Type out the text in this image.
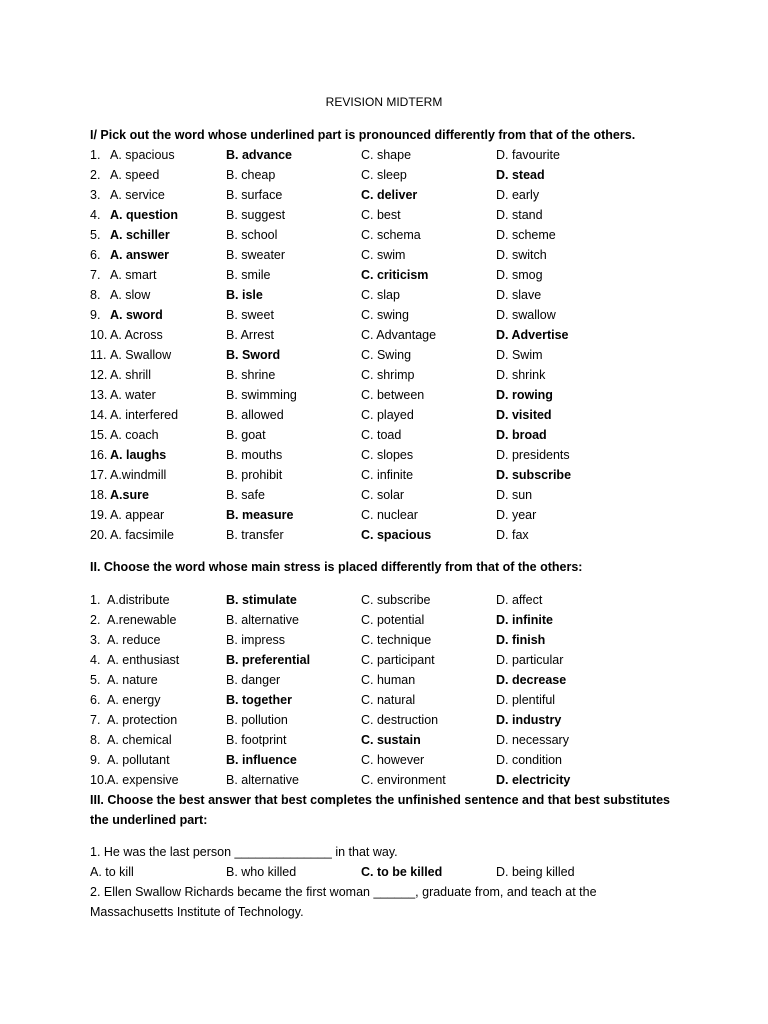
REVISION MIDTERM
I/ Pick out the word whose underlined part is pronounced differently from that of the others.
1. A. spacious	B. advance	C. shape	D. favourite
2. A. speed	B. cheap	C. sleep	D. stead
3. A. service	B. surface	C. deliver	D. early
4. A. question	B. suggest	C. best	D. stand
5. A. schiller	B. school	C. schema	D. scheme
6. A. answer	B. sweater	C. swim	D. switch
7. A. smart	B. smile	C. criticism	D. smog
8. A. slow	B. isle	C. slap	D. slave
9. A. sword	B. sweet	C. swing	D. swallow
10. A. Across	B. Arrest	C. Advantage	D. Advertise
11. A. Swallow	B. Sword	C. Swing	D. Swim
12. A. shrill	B. shrine	C. shrimp	D. shrink
13. A. water	B. swimming	C. between	D. rowing
14. A. interfered	B. allowed	C. played	D. visited
15. A. coach	B. goat	C. toad	D. broad
16. A. laughs	B. mouths	C. slopes	D. presidents
17. A.windmill	B. prohibit	C. infinite	D. subscribe
18. A.sure	B. safe	C. solar	D. sun
19. A. appear	B. measure	C. nuclear	D. year
20. A. facsimile	B. transfer	C. spacious	D. fax
II. Choose the word whose main stress is placed differently from that of the others:
1. A.distribute	B. stimulate	C. subscribe	D. affect
2. A.renewable	B. alternative	C. potential	D. infinite
3. A. reduce	B. impress	C. technique	D. finish
4. A. enthusiast	B. preferential	C. participant	D. particular
5. A. nature	B. danger	C. human	D. decrease
6. A. energy	B. together	C. natural	D. plentiful
7. A. protection	B. pollution	C. destruction	D. industry
8. A. chemical	B. footprint	C. sustain	D. necessary
9. A. pollutant	B. influence	C. however	D. condition
10. A. expensive	B. alternative	C. environment	D. electricity
III. Choose the best answer that best completes the unfinished sentence and that best substitutes the underlined part:
1. He was the last person ______________ in that way.
A. to kill	B. who killed	C. to be killed	D. being killed
2. Ellen Swallow Richards became the first woman ______, graduate from, and teach at the
Massachusetts Institute of Technology.
